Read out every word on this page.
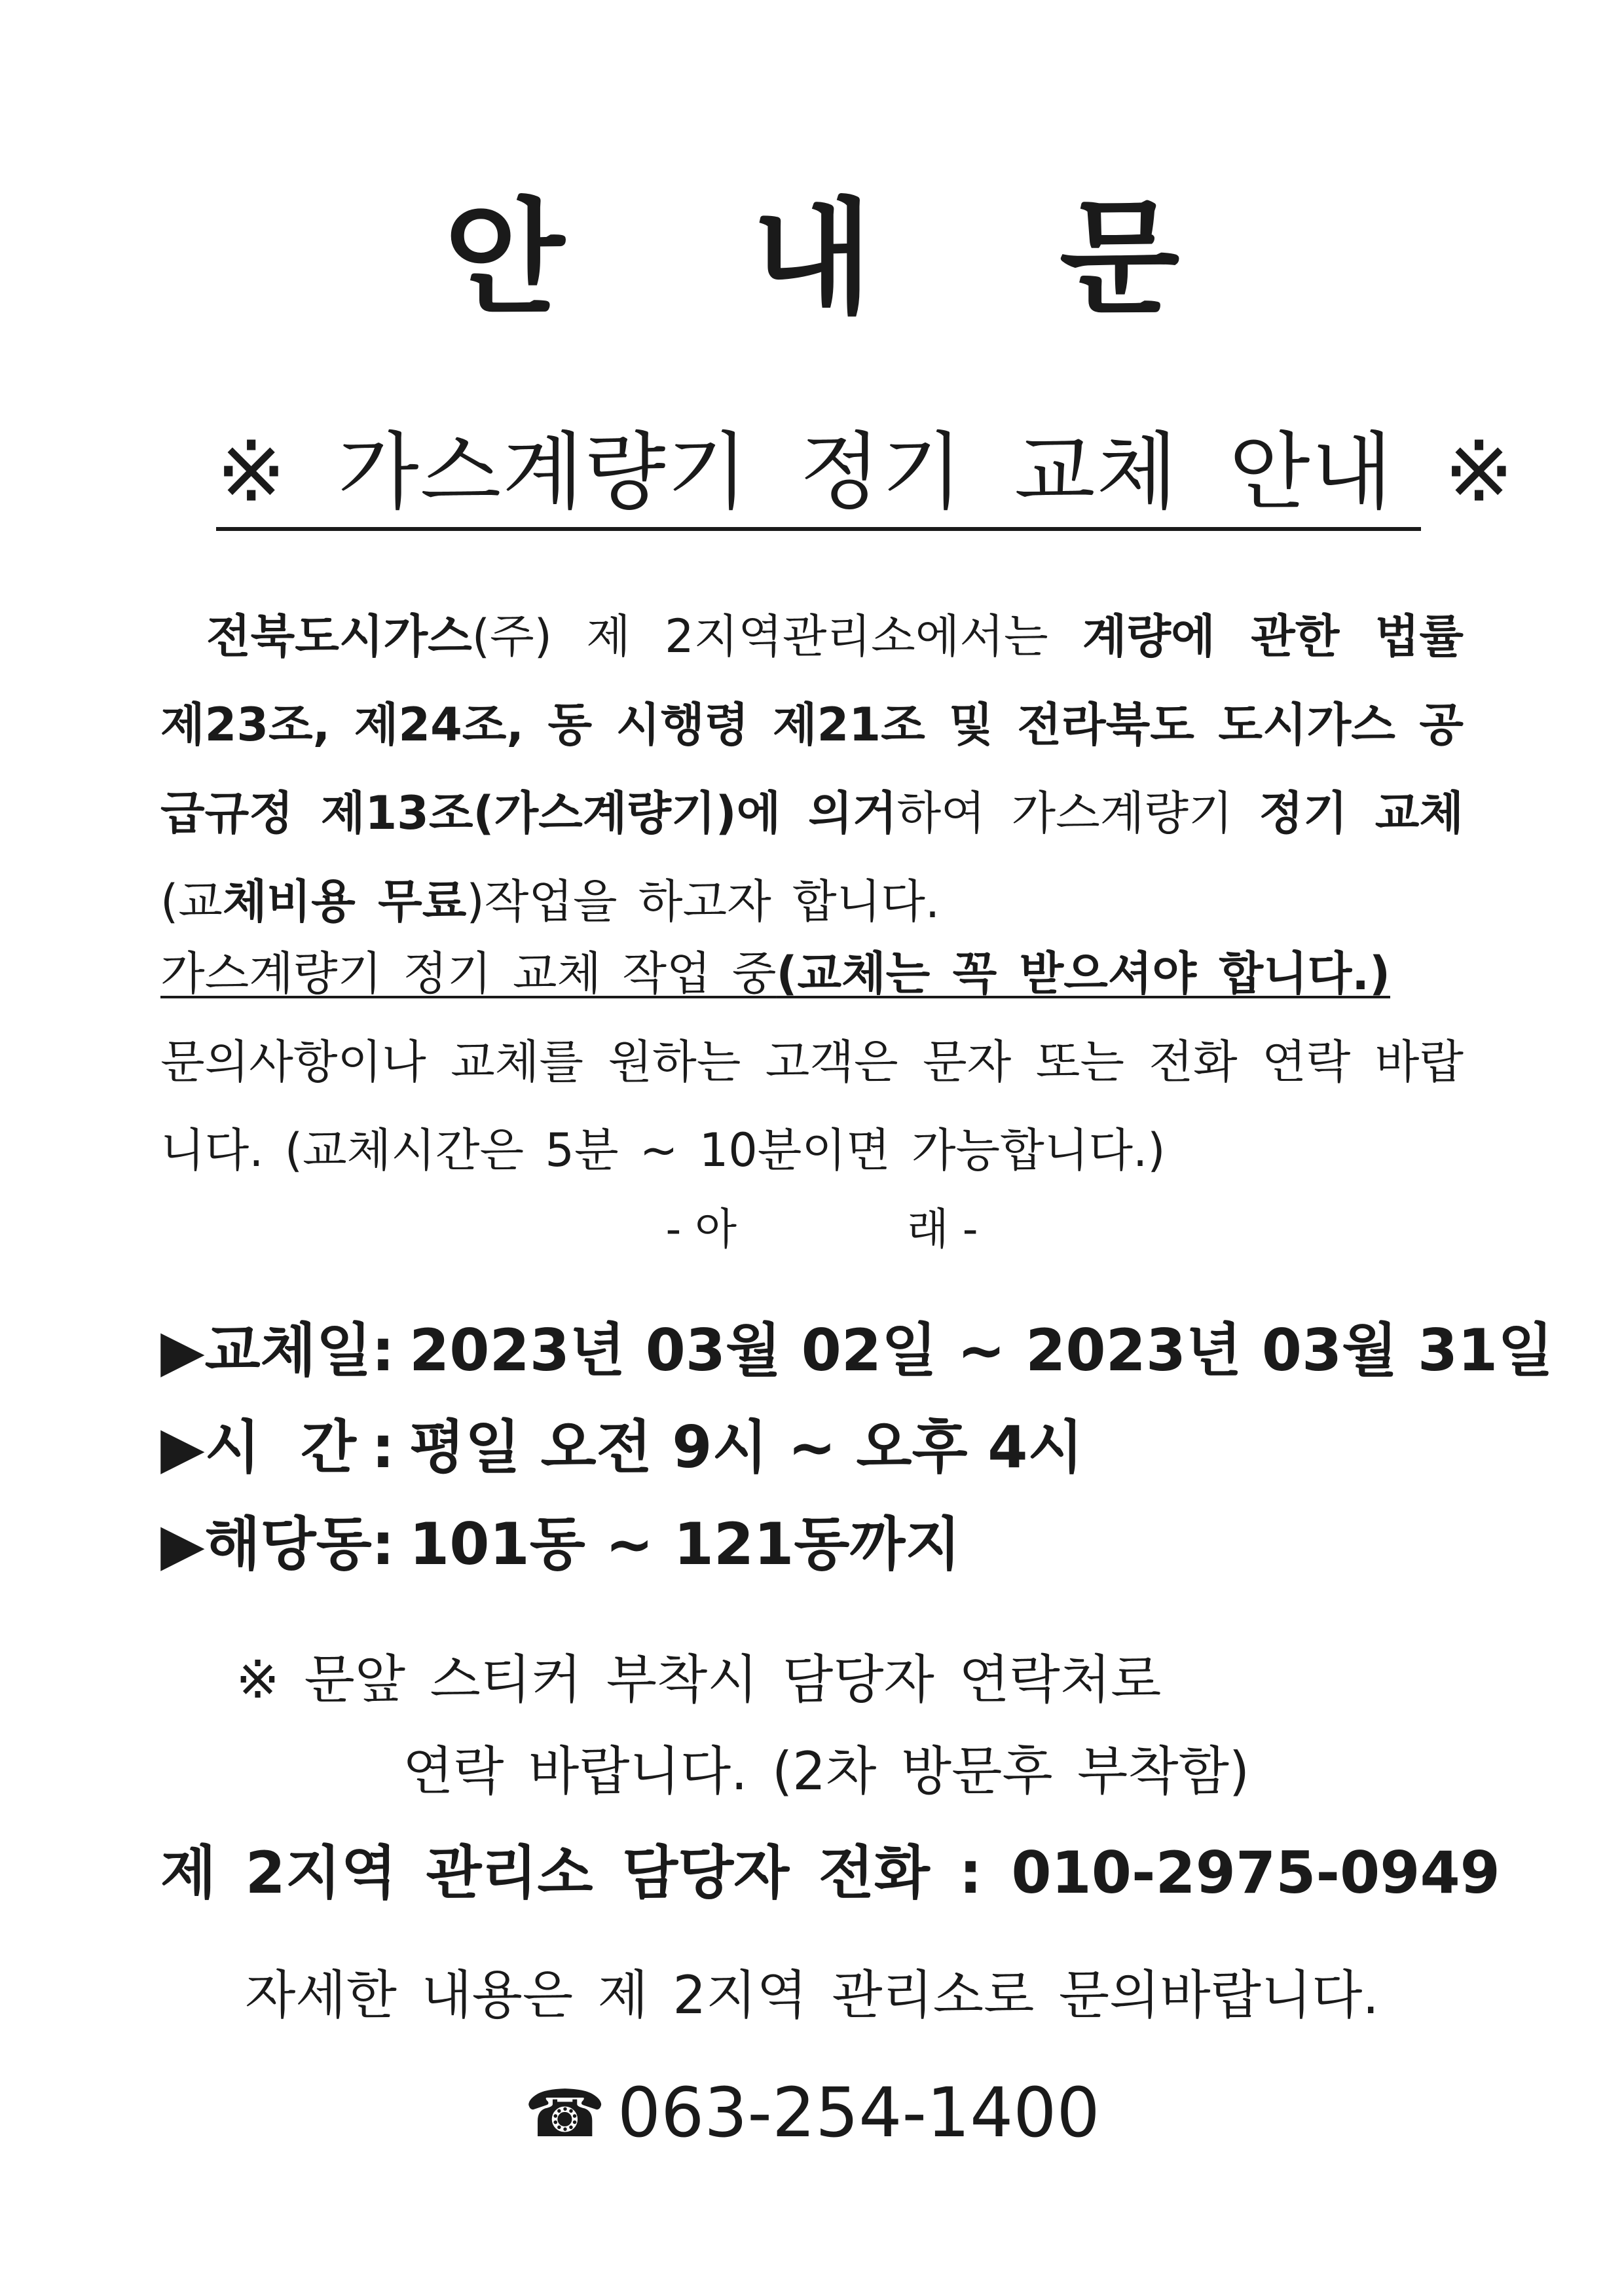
안 내 문
※ 가스계량기 정기 교체 안내 ※
전북도시가스(주) 제 2지역관리소에서는 계량에 관한 법률 제23조, 제24조, 동 시행령 제21조 및 전라북도 도시가스 공급규정 제13조(가스계량기)에 의거하여 가스계량기 정기 교체(교체비용 무료)작업을 하고자 합니다.
가스계량기 정기 교체 작업 중(교체는 꼭 받으셔야 합니다.)
문의사항이나 교체를 원하는 고객은 문자 또는 전화 연락 바랍니다. (교체시간은 5분 ~ 10분이면 가능합니다.)
- 아	래 -
▶교체일: 2023년 03월 02일 ~ 2023년 03월 31일
▶시  간 : 평일 오전 9시 ~ 오후 4시
▶해당동: 101동 ~ 121동까지
※ 문앞 스티커 부착시 담당자 연락처로
연락 바랍니다. (2차 방문후 부착함)
제 2지역 관리소 담당자 전화 : 010-2975-0949
자세한 내용은 제 2지역 관리소로 문의바랍니다.
☎ 063-254-1400
